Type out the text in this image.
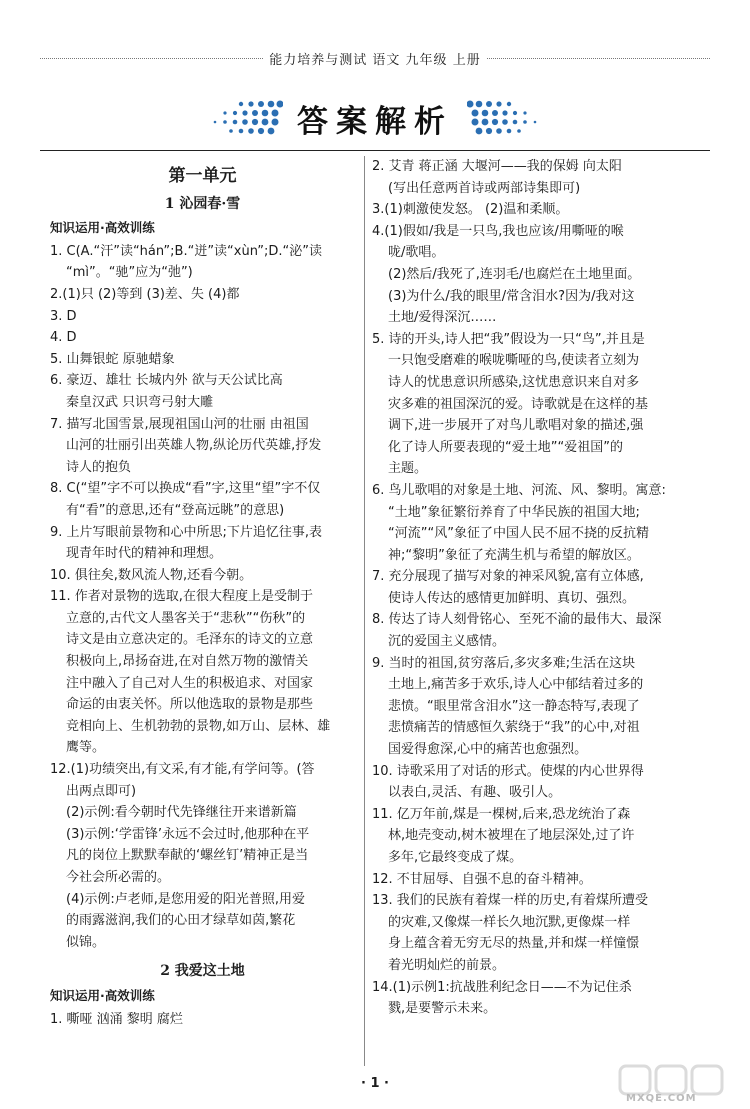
能力培养与测试 语文 九年级 上册
答案解析
第一单元
1 沁园春·雪
知识运用·高效训练
1. C(A.“汗”读“hán”;B.“迸”读“xùn”;D.“泌”读
“mì”。“驰”应为“弛”)
2.(1)只 (2)等到 (3)差、失 (4)都
3. D
4. D
5. 山舞银蛇 原驰蜡象
6. 豪迈、雄壮 长城内外 欲与天公试比高
秦皇汉武 只识弯弓射大雕
7. 描写北国雪景,展现祖国山河的壮丽 由祖国
山河的壮丽引出英雄人物,纵论历代英雄,抒发
诗人的抱负
8. C(“望”字不可以换成“看”字,这里“望”字不仅
有“看”的意思,还有“登高远眺”的意思)
9. 上片写眼前景物和心中所思;下片追忆往事,表
现青年时代的精神和理想。
10. 俱往矣,数风流人物,还看今朝。
11. 作者对景物的选取,在很大程度上是受制于
立意的,古代文人墨客关于“悲秋”“伤秋”的
诗文是由立意决定的。毛泽东的诗文的立意
积极向上,昂扬奋进,在对自然万物的激情关
注中融入了自己对人生的积极追求、对国家
命运的由衷关怀。所以他选取的景物是那些
竞相向上、生机勃勃的景物,如万山、层林、雄
鹰等。
12.(1)功绩突出,有文采,有才能,有学问等。(答
出两点即可)
(2)示例:看今朝时代先锋继往开来谱新篇
(3)示例:‘学雷锋’永远不会过时,他那种在平
凡的岗位上默默奉献的‘螺丝钉’精神正是当
今社会所必需的。
(4)示例:卢老师,是您用爱的阳光普照,用爱
的雨露滋润,我们的心田才绿草如茵,繁花
似锦。
2 我爱这土地
知识运用·高效训练
1. 嘶哑 汹涌 黎明 腐烂
2. 艾青 蒋正涵 大堰河——我的保姆 向太阳
(写出任意两首诗或两部诗集即可)
3.(1)刺激使发怒。 (2)温和柔顺。
4.(1)假如/我是一只鸟,我也应该/用嘶哑的喉
咙/歌唱。
(2)然后/我死了,连羽毛/也腐烂在土地里面。
(3)为什么/我的眼里/常含泪水?因为/我对这
土地/爱得深沉……
5. 诗的开头,诗人把“我”假设为一只“鸟”,并且是
一只饱受磨难的喉咙嘶哑的鸟,使读者立刻为
诗人的忧患意识所感染,这忧患意识来自对多
灾多难的祖国深沉的爱。诗歌就是在这样的基
调下,进一步展开了对鸟儿歌唱对象的描述,强
化了诗人所要表现的“爱土地”“爱祖国”的
主题。
6. 鸟儿歌唱的对象是土地、河流、风、黎明。寓意:
“土地”象征繁衍养育了中华民族的祖国大地;
“河流”“风”象征了中国人民不屈不挠的反抗精
神;“黎明”象征了充满生机与希望的解放区。
7. 充分展现了描写对象的神采风貌,富有立体感,
使诗人传达的感情更加鲜明、真切、强烈。
8. 传达了诗人刻骨铭心、至死不渝的最伟大、最深
沉的爱国主义感情。
9. 当时的祖国,贫穷落后,多灾多难;生活在这块
土地上,痛苦多于欢乐,诗人心中郁结着过多的
悲愤。“眼里常含泪水”这一静态特写,表现了
悲愤痛苦的情感恒久萦绕于“我”的心中,对祖
国爱得愈深,心中的痛苦也愈强烈。
10. 诗歌采用了对话的形式。使煤的内心世界得
以表白,灵活、有趣、吸引人。
11. 亿万年前,煤是一棵树,后来,恐龙统治了森
林,地壳变动,树木被埋在了地层深处,过了许
多年,它最终变成了煤。
12. 不甘屈辱、自强不息的奋斗精神。
13. 我们的民族有着煤一样的历史,有着煤所遭受
的灾难,又像煤一样长久地沉默,更像煤一样
身上蕴含着无穷无尽的热量,并和煤一样憧憬
着光明灿烂的前景。
14.(1)示例1:抗战胜利纪念日——不为记住杀
戮,是要警示未来。
· 1 ·
MXQE.COM
